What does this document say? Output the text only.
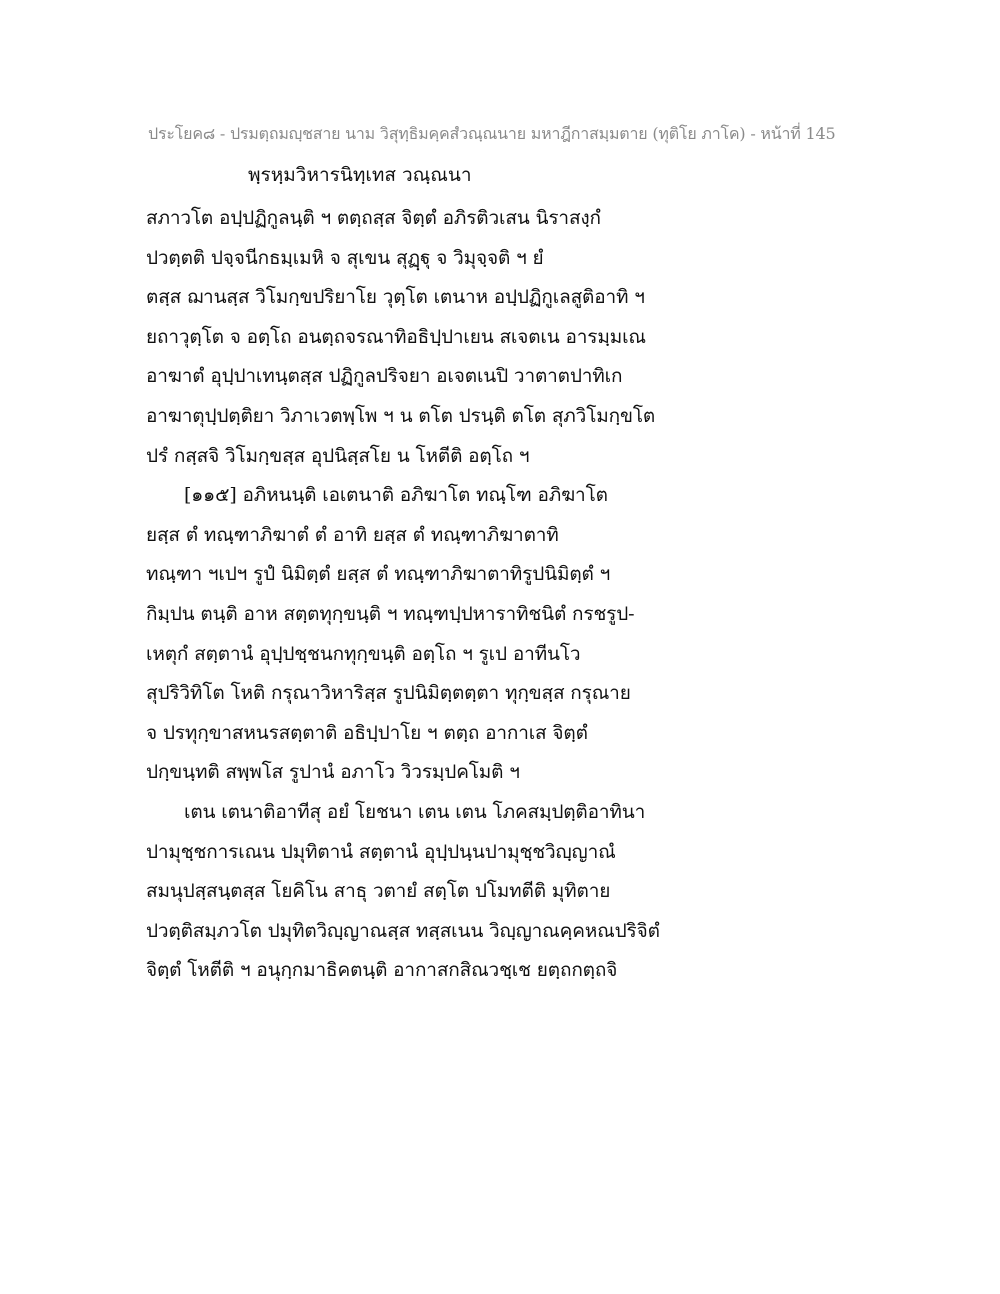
ประโยค๘ - ปรมตฺถมญฺชสาย นาม วิสุทฺธิมคฺคสํวณฺณนาย มหาฎีกาสมฺมตาย (ทุติโย ภาโค) - หน้าที่ 145
พฺรหฺมวิหารนิทฺเทส วณฺณนา
สภาวโต อปฺปฏิกูลนฺติ ฯ ตตฺถสฺส จิตฺตํ อภิรติวเสน นิราสงฺกํ
ปวตฺตติ ปจฺจนีกธมฺเมหิ จ สุเขน สุฏฺฐุ จ วิมุจฺจติ ฯ ยํ
ตสฺส ฌานสฺส วิโมกฺขปริยาโย วุตฺโต เตนาห อปฺปฏิกูเลสูติอาทิ ฯ
ยถาวุตฺโต จ อตฺโถ อนตฺถจรณาทิอธิปฺปาเยน สเจตเน อารมฺมเณ
อาฆาตํ อุปฺปาเทนฺตสฺส ปฏิกูลปริจยา อเจตเนปิ วาตาตปาทิเก
อาฆาตุปฺปตฺติยา วิภาเวตพฺโพ ฯ น ตโต ปรนฺติ ตโต สุภวิโมกฺขโต
ปรํ กสฺสจิ วิโมกฺขสฺส อุปนิสฺสโย น โหตีติ อตฺโถ ฯ
[๑๑๕] อภิหนนฺติ เอเตนาติ อภิฆาโต ทณฺโฑ อภิฆาโต
ยสฺส ตํ ทณฺฑาภิฆาตํ ตํ อาทิ ยสฺส ตํ ทณฺฑาภิฆาตาทิ
ทณฺฑา ฯเปฯ รูปํ นิมิตฺตํ ยสฺส ตํ ทณฺฑาภิฆาตาทิรูปนิมิตฺตํ ฯ
กิมฺปน ตนฺติ อาห สตฺตทุกฺขนฺติ ฯ ทณฺฑปฺปหาราทิชนิตํ กรชรูป-
เหตุกํ สตฺตานํ อุปฺปชฺชนกทุกฺขนฺติ อตฺโถ ฯ รูเป อาทีนโว
สุปริวิทิโต โหติ กรุณาวิหาริสฺส รูปนิมิตฺตตฺตา ทุกฺขสฺส กรุณาย
จ ปรทุกฺขาสหนรสตฺตาติ อธิปฺปาโย ฯ ตตฺถ อากาเส จิตฺตํ
ปกฺขนฺทติ สพฺพโส รูปานํ อภาโว วิวรมฺปคโมติ ฯ
เตน เตนาติอาทีสุ อยํ โยชนา เตน เตน โภคสมฺปตฺติอาทินา
ปามุชฺชการเณน ปมุทิตานํ สตฺตานํ อุปฺปนฺนปามุชฺชวิญฺญาณํ
สมนุปสฺสนฺตสฺส โยคิโน สาธุ วตายํ สตฺโต ปโมทตีติ มุทิตาย
ปวตฺติสมฺภวโต ปมุทิตวิญฺญาณสฺส ทสฺสเนน วิญฺญาณคฺคหณปริจิตํ
จิตฺตํ โหตีติ ฯ อนุกฺกมาธิคตนฺติ อากาสกสิณวชฺเช ยตฺถกตฺถจิ
